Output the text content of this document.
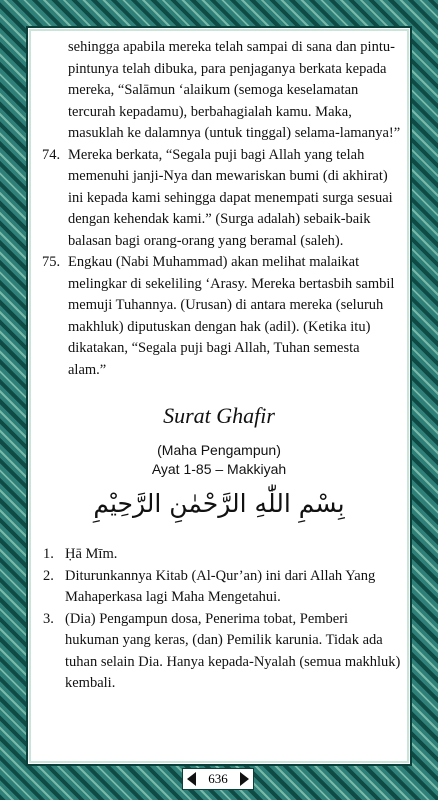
sehingga apabila mereka telah sampai di sana dan pintu-pintunya telah dibuka, para penjaganya berkata kepada mereka, “Salāmun ‘alaikum (semoga keselamatan tercurah kepadamu), berbahagialah kamu. Maka, masuklah ke dalamnya (untuk tinggal) selama-lamanya!”
74. Mereka berkata, “Segala puji bagi Allah yang telah memenuhi janji-Nya dan mewariskan bumi (di akhirat) ini kepada kami sehingga dapat menempati surga sesuai dengan kehendak kami.” (Surga adalah) sebaik-baik balasan bagi orang-orang yang beramal (saleh).
75. Engkau (Nabi Muhammad) akan melihat malaikat melingkar di sekeliling ‘Arasy. Mereka bertasbih sambil memuji Tuhannya. (Urusan) di antara mereka (seluruh makhluk) diputuskan dengan hak (adil). (Ketika itu) dikatakan, “Segala puji bagi Allah, Tuhan semesta alam.”
Surat Ghafir
(Maha Pengampun)
Ayat 1-85 – Makkiyah
بِسْمِ اللّٰهِ الرَّحْمٰنِ الرَّحِيْمِ
1. Ḥā Mīm.
2. Diturunkannya Kitab (Al-Qur’an) ini dari Allah Yang Mahaperkasa lagi Maha Mengetahui.
3. (Dia) Pengampun dosa, Penerima tobat, Pemberi hukuman yang keras, (dan) Pemilik karunia. Tidak ada tuhan selain Dia. Hanya kepada-Nyalah (semua makhluk) kembali.
636
